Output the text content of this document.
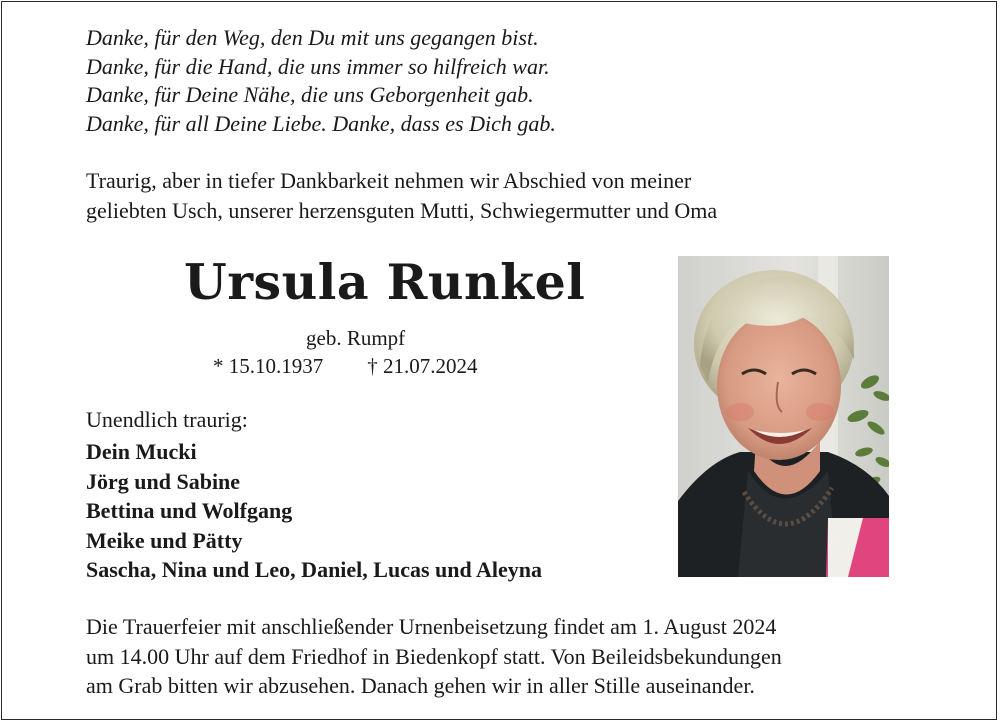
Danke, für den Weg, den Du mit uns gegangen bist.
Danke, für die Hand, die uns immer so hilfreich war.
Danke, für Deine Nähe, die uns Geborgenheit gab.
Danke, für all Deine Liebe. Danke, dass es Dich gab.
Traurig, aber in tiefer Dankbarkeit nehmen wir Abschied von meiner
geliebten Usch, unserer herzensguten Mutti, Schwiegermutter und Oma
Ursula Runkel
geb. Rumpf
* 15.10.1937 † 21.07.2024
Unendlich traurig:
Dein Mucki
Jörg und Sabine
Bettina und Wolfgang
Meike und Pätty
Sascha, Nina und Leo, Daniel, Lucas und Aleyna
Die Trauerfeier mit anschließender Urnenbeisetzung findet am 1. August 2024
um 14.00 Uhr auf dem Friedhof in Biedenkopf statt. Von Beileidsbekundungen
am Grab bitten wir abzusehen. Danach gehen wir in aller Stille auseinander.
